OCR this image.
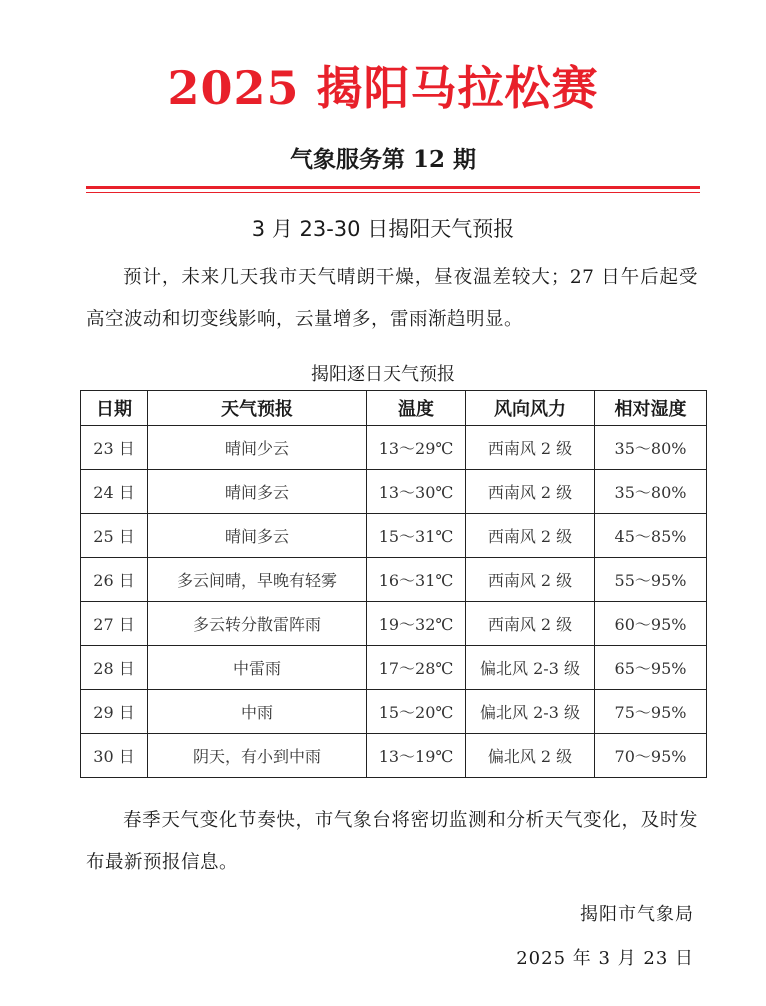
2025 揭阳马拉松赛
气象服务第 12 期
3 月 23-30 日揭阳天气预报

预计，未来几天我市天气晴朗干燥，昼夜温差较大；27 日午后起受高空波动和切变线影响，云量增多，雷雨渐趋明显。

揭阳逐日天气预报
日期	天气预报	温度	风向风力	相对湿度
23 日	晴间少云	13～29℃	西南风 2 级	35～80%
24 日	晴间多云	13～30℃	西南风 2 级	35～80%
25 日	晴间多云	15～31℃	西南风 2 级	45～85%
26 日	多云间晴，早晚有轻雾	16～31℃	西南风 2 级	55～95%
27 日	多云转分散雷阵雨	19～32℃	西南风 2 级	60～95%
28 日	中雷雨	17～28℃	偏北风 2-3 级	65～95%
29 日	中雨	15～20℃	偏北风 2-3 级	75～95%
30 日	阴天，有小到中雨	13～19℃	偏北风 2 级	70～95%

春季天气变化节奏快，市气象台将密切监测和分析天气变化，及时发布最新预报信息。

揭阳市气象局
2025 年 3 月 23 日
